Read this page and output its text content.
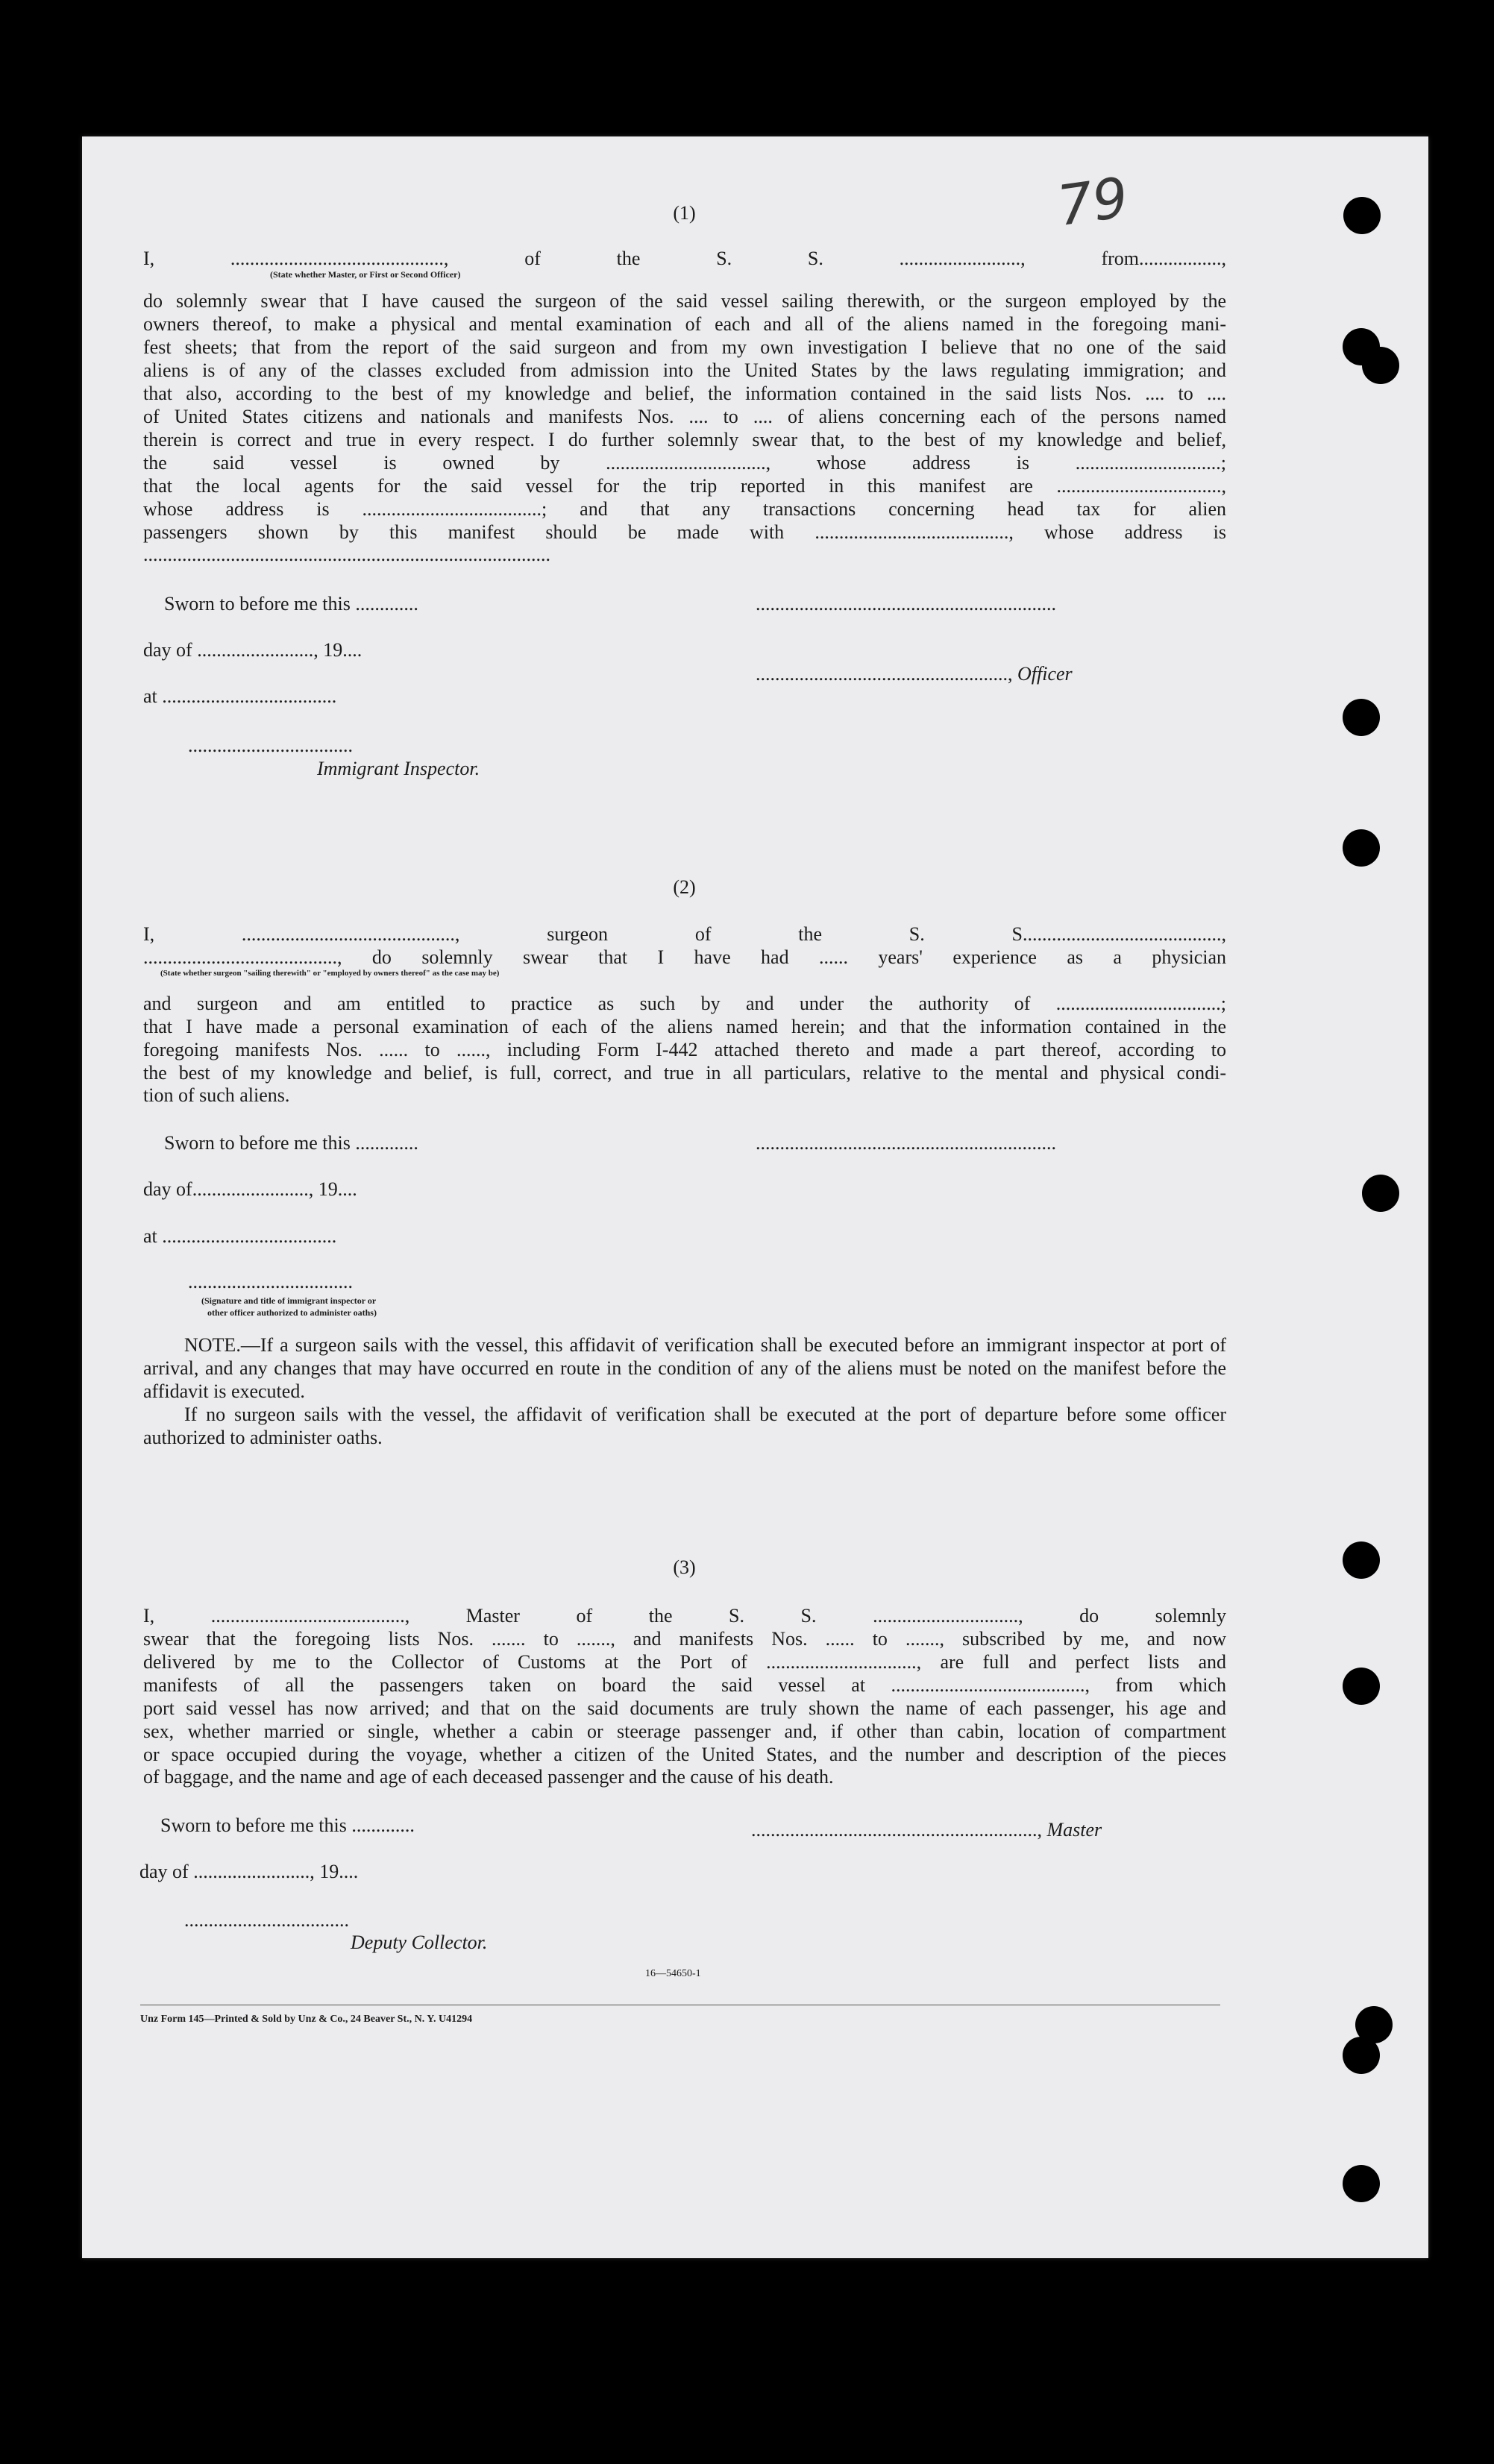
79
(1)
I, ............................................, of the S. S. ........................., from.................,
(State whether Master, or First or Second Officer)
do solemnly swear that I have caused the surgeon of the said vessel sailing therewith, or the surgeon employed by the
owners thereof, to make a physical and mental examination of each and all of the aliens named in the foregoing mani-
fest sheets; that from the report of the said surgeon and from my own investigation I believe that no one of the said
aliens is of any of the classes excluded from admission into the United States by the laws regulating immigration; and
that also, according to the best of my knowledge and belief, the information contained in the said lists Nos. .... to ....
of United States citizens and nationals and manifests Nos. .... to .... of aliens concerning each of the persons named
therein is correct and true in every respect. I do further solemnly swear that, to the best of my knowledge and belief,
the said vessel is owned by ................................., whose address is ..............................;
that the local agents for the said vessel for the trip reported in this manifest are ..................................,
whose address is .....................................; and that any transactions concerning head tax for alien
passengers shown by this manifest should be made with ........................................, whose address is
....................................................................................
Sworn to before me this .............	..............................................................
day of ........................, 19....
...................................................., Officer
at ....................................
..................................
Immigrant Inspector.
(2)
I, ............................................, surgeon of the S. S.........................................,
........................................, do solemnly swear that I have had ...... years' experience as a physician
(State whether surgeon "sailing therewith" or "employed by owners thereof" as the case may be)
and surgeon and am entitled to practice as such by and under the authority of ..................................;
that I have made a personal examination of each of the aliens named herein; and that the information contained in the
foregoing manifests Nos. ...... to ......, including Form I-442 attached thereto and made a part thereof, according to
the best of my knowledge and belief, is full, correct, and true in all particulars, relative to the mental and physical condi-
tion of such aliens.
Sworn to before me this .............	..............................................................
day of........................, 19....
at ....................................
..................................
(Signature and title of immigrant inspector or
other officer authorized to administer oaths)
NOTE.—If a surgeon sails with the vessel, this affidavit of verification shall be executed before an immigrant inspector at port of arrival, and any changes that may have occurred en route in the condition of any of the aliens must be noted on the manifest before the affidavit is executed.
If no surgeon sails with the vessel, the affidavit of verification shall be executed at the port of departure before some officer authorized to administer oaths.
(3)
I, ........................................, Master of the S. S. .............................., do solemnly
swear that the foregoing lists Nos. ....... to ......., and manifests Nos. ...... to ......., subscribed by me, and now
delivered by me to the Collector of Customs at the Port of ..............................., are full and perfect lists and
manifests of all the passengers taken on board the said vessel at ........................................, from which
port said vessel has now arrived; and that on the said documents are truly shown the name of each passenger, his age and
sex, whether married or single, whether a cabin or steerage passenger and, if other than cabin, location of compartment
or space occupied during the voyage, whether a citizen of the United States, and the number and description of the pieces
of baggage, and the name and age of each deceased passenger and the cause of his death.
Sworn to before me this .............	..........................................................., Master
day of ........................, 19....
..................................
Deputy Collector.
16—54650-1
Unz Form 145—Printed & Sold by Unz & Co., 24 Beaver St., N. Y. U41294
